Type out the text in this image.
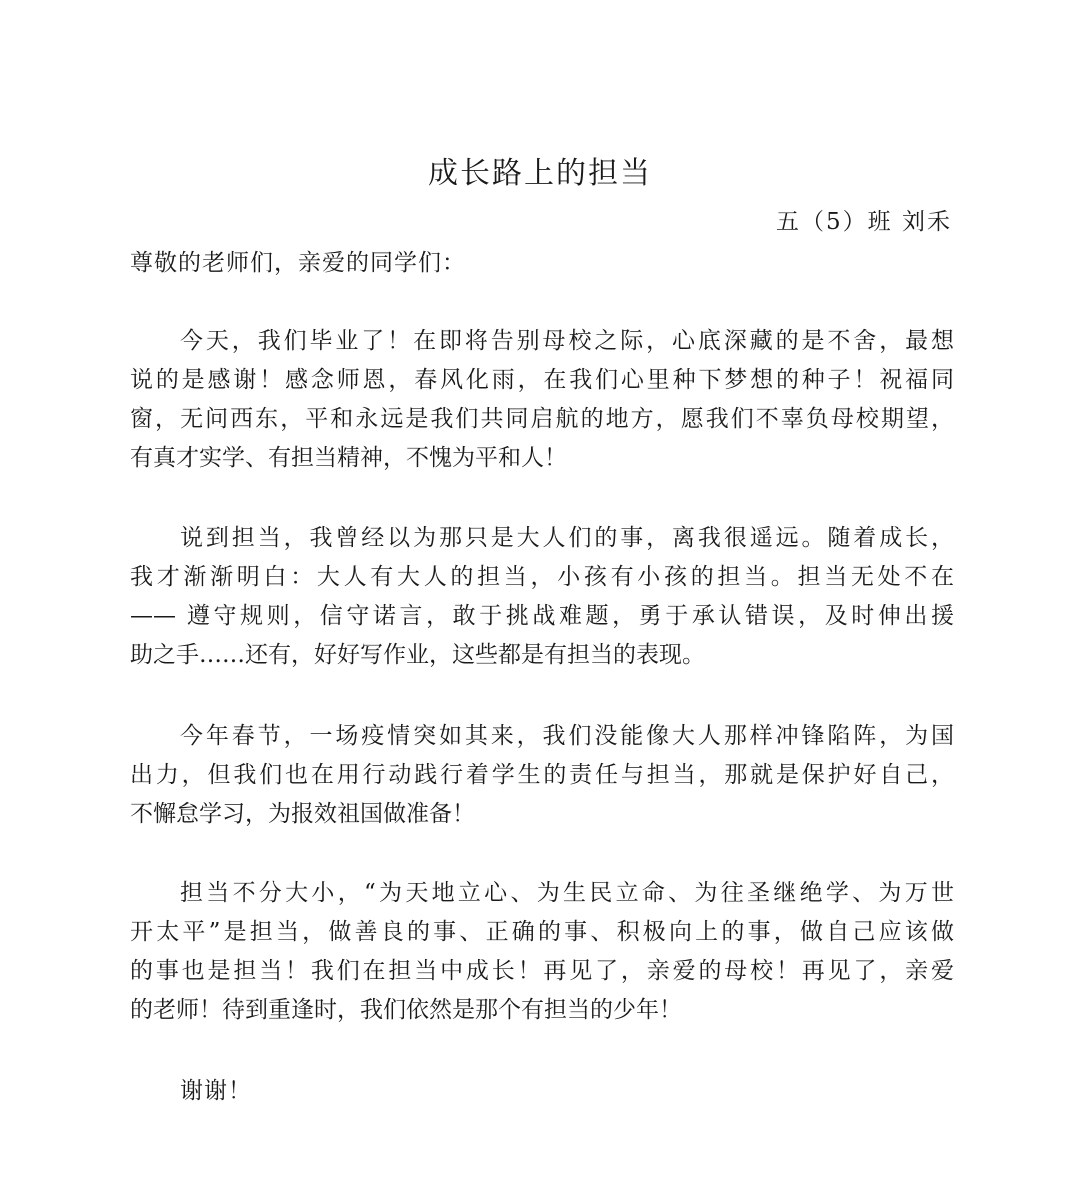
成长路上的担当
五（5）班 刘禾
尊敬的老师们，亲爱的同学们：
今天，我们毕业了！在即将告别母校之际，心底深藏的是不舍，最想
说的是感谢！感念师恩，春风化雨，在我们心里种下梦想的种子！祝福同
窗，无问西东，平和永远是我们共同启航的地方，愿我们不辜负母校期望，
有真才实学、有担当精神，不愧为平和人！
说到担当，我曾经以为那只是大人们的事，离我很遥远。随着成长，
我才渐渐明白：大人有大人的担当，小孩有小孩的担当。担当无处不在
—— 遵守规则，信守诺言，敢于挑战难题，勇于承认错误，及时伸出援
助之手……还有，好好写作业，这些都是有担当的表现。
今年春节，一场疫情突如其来，我们没能像大人那样冲锋陷阵，为国
出力，但我们也在用行动践行着学生的责任与担当，那就是保护好自己，
不懈怠学习，为报效祖国做准备！
担当不分大小，“为天地立心、为生民立命、为往圣继绝学、为万世
开太平”是担当，做善良的事、正确的事、积极向上的事，做自己应该做
的事也是担当！我们在担当中成长！再见了，亲爱的母校！再见了，亲爱
的老师！待到重逢时，我们依然是那个有担当的少年！
谢谢！
